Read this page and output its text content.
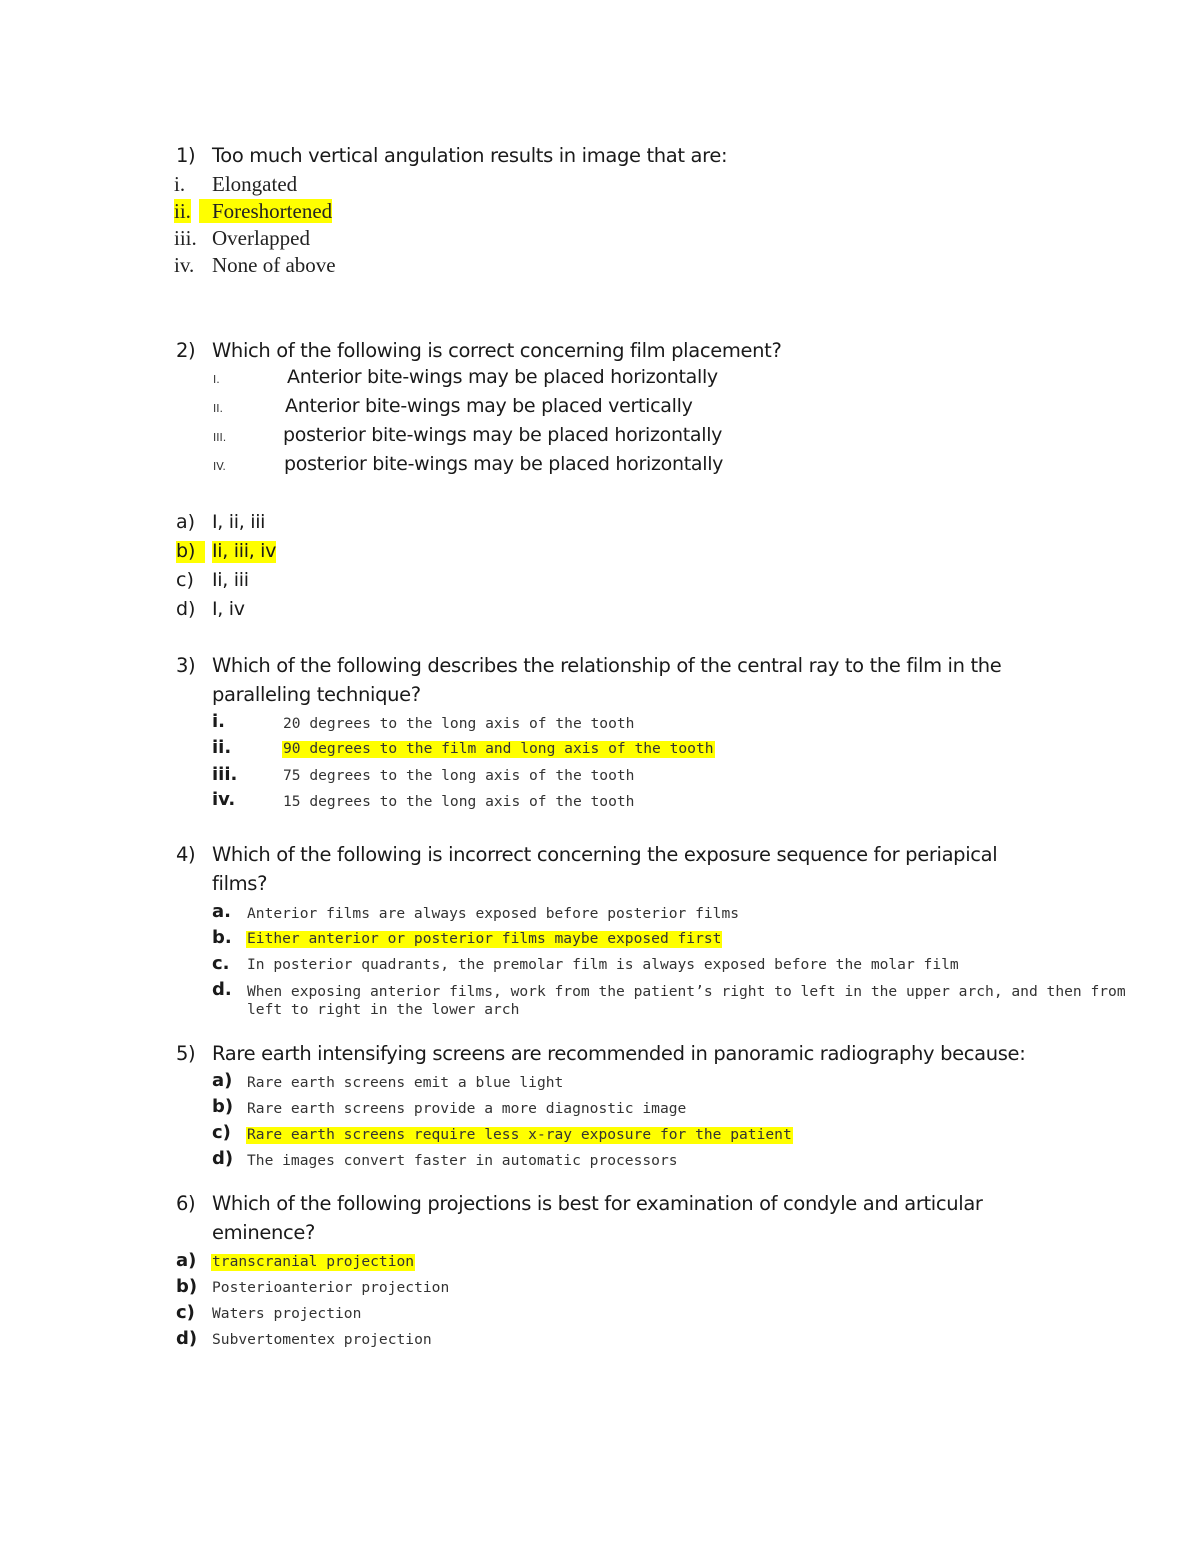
1) Too much vertical angulation results in image that are:
i. Elongated
ii.	Foreshortened
iii. Overlapped
iv. None of above
2) Which of the following is correct concerning film placement?
I.	Anterior bite-wings may be placed horizontally
II.	Anterior bite-wings may be placed vertically
III.	posterior bite-wings may be placed horizontally
IV.	posterior bite-wings may be placed horizontally
a) I, ii, iii
b) Ii, iii, iv
c) Ii, iii
d) I, iv
3) Which of the following describes the relationship of the central ray to the film in the
paralleling technique?
i.	20 degrees to the long axis of the tooth
ii.	90 degrees to the film and long axis of the tooth
iii.	75 degrees to the long axis of the tooth
iv.	15 degrees to the long axis of the tooth
4) Which of the following is incorrect concerning the exposure sequence for periapical
films?
a. Anterior films are always exposed before posterior films
b. Either anterior or posterior films maybe exposed first
c. In posterior quadrants, the premolar film is always exposed before the molar film
d. When exposing anterior films, work from the patient’s right to left in the upper arch, and then from
left to right in the lower arch
5) Rare earth intensifying screens are recommended in panoramic radiography because:
a) Rare earth screens emit a blue light
b) Rare earth screens provide a more diagnostic image
c) Rare earth screens require less x-ray exposure for the patient
d) The images convert faster in automatic processors
6) Which of the following projections is best for examination of condyle and articular
eminence?
a) transcranial projection
b) Posterioanterior projection
c) Waters projection
d) Subvertomentex projection
